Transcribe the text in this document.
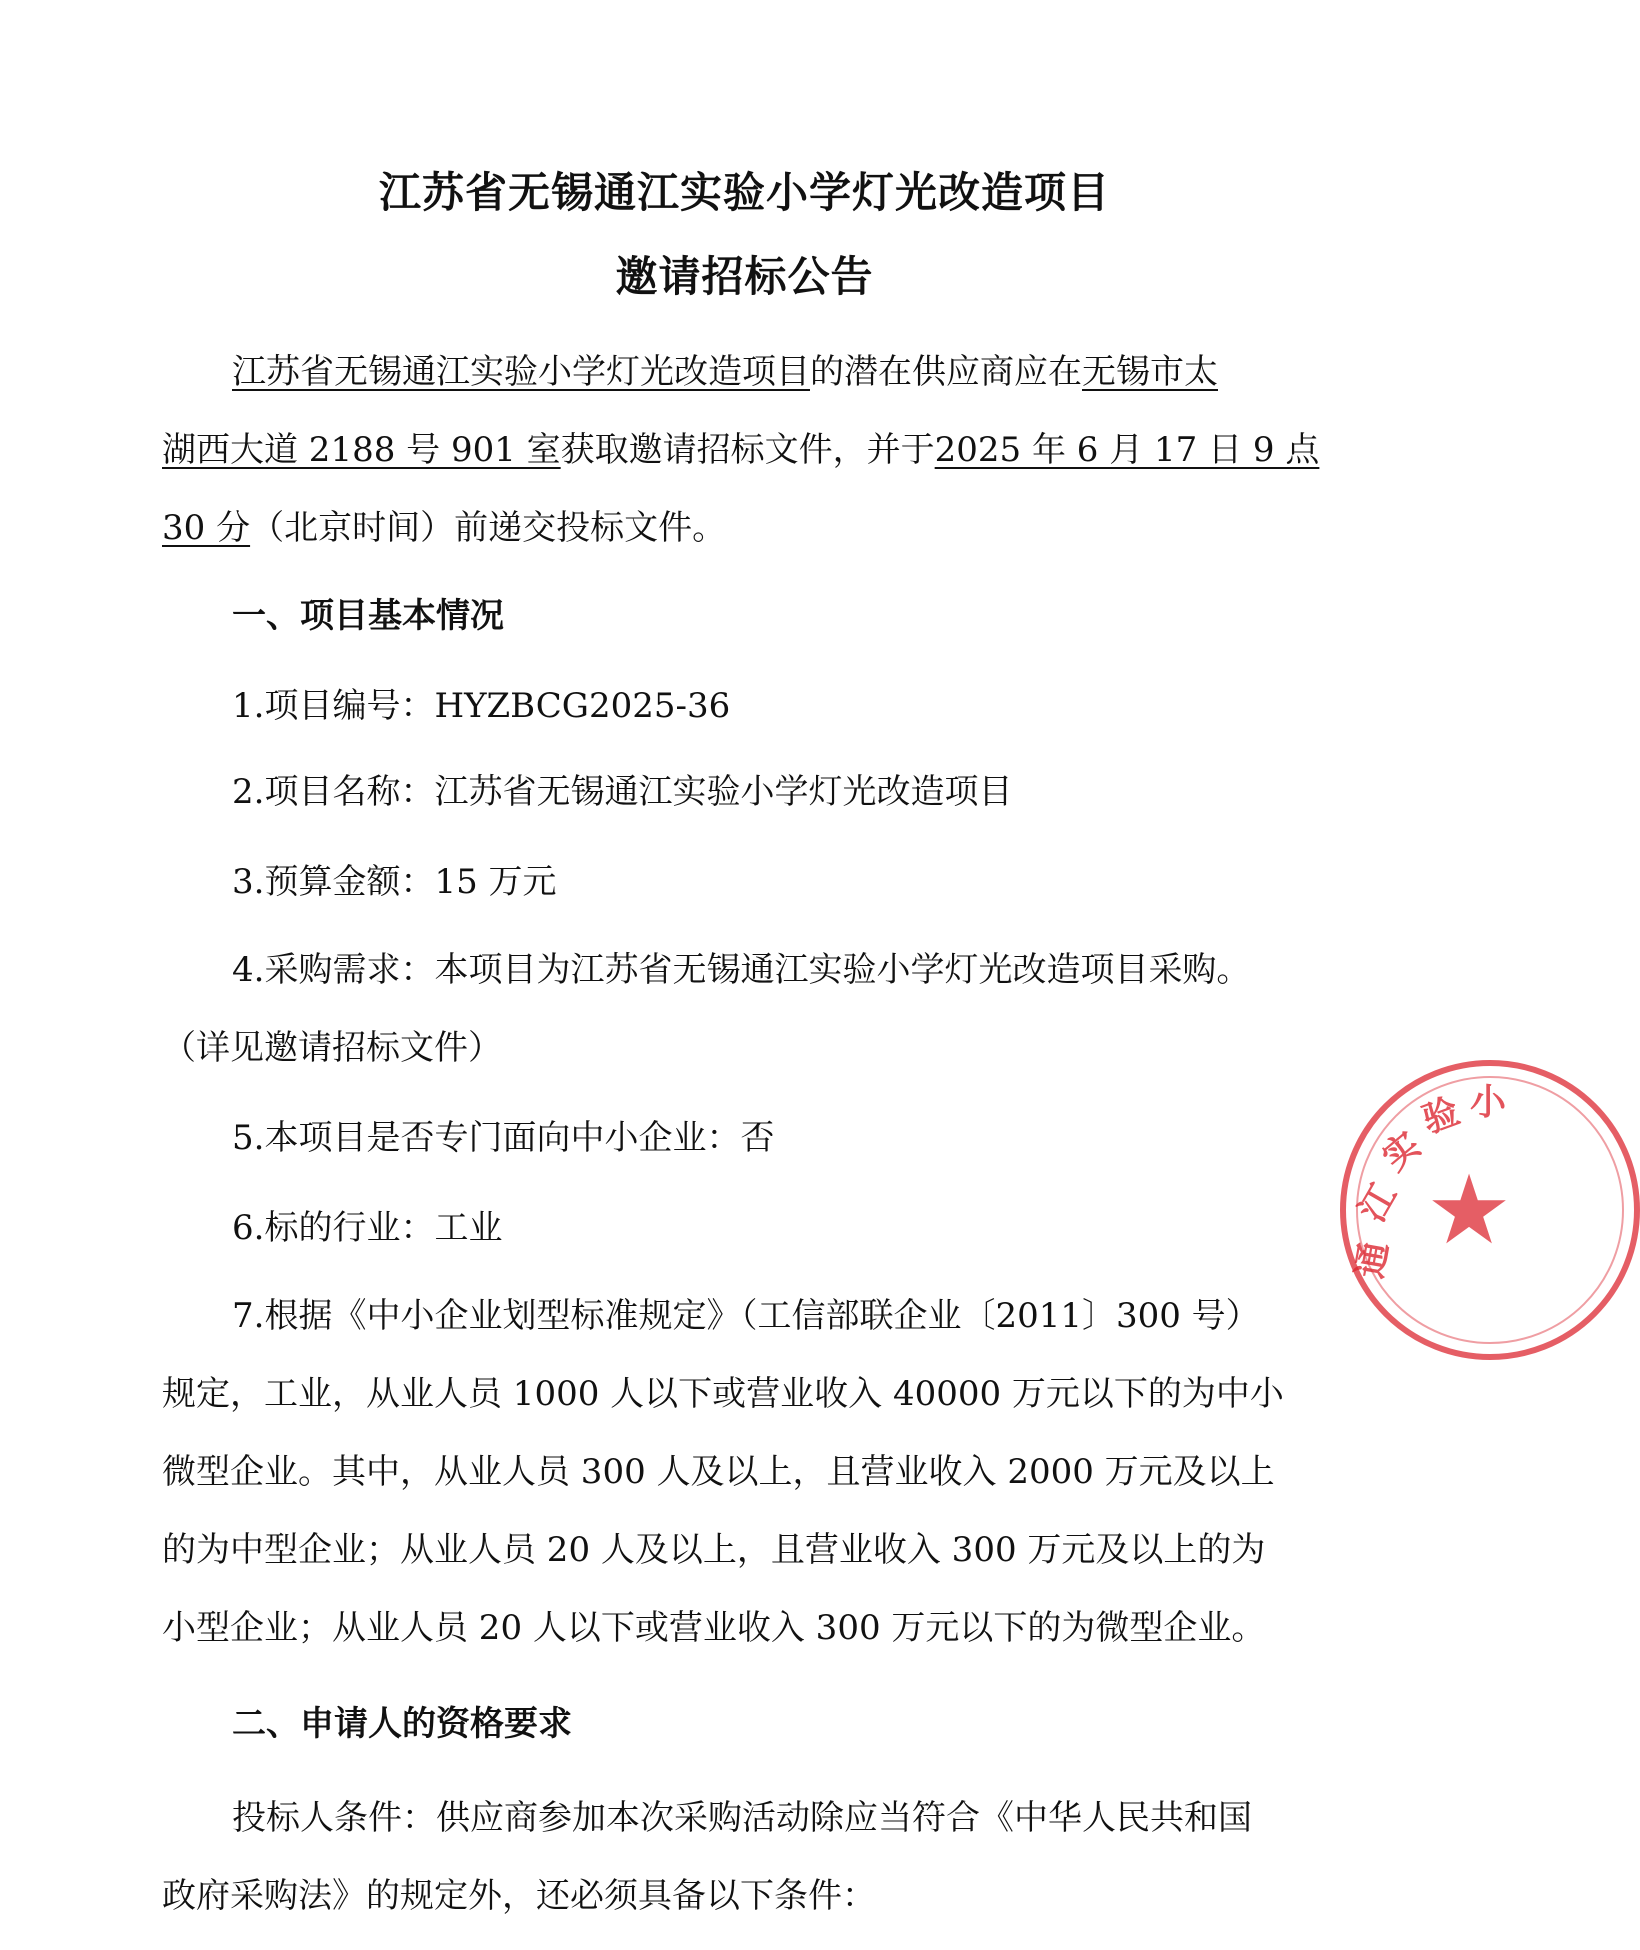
江苏省无锡通江实验小学灯光改造项目
邀请招标公告
江苏省无锡通江实验小学灯光改造项目的潜在供应商应在无锡市太
湖西大道 2188 号 901 室获取邀请招标文件，并于2025 年 6 月 17 日 9 点
30 分（北京时间）前递交投标文件。
一、项目基本情况
1.项目编号：HYZBCG2025-36
2.项目名称：江苏省无锡通江实验小学灯光改造项目
3.预算金额：15 万元
4.采购需求：本项目为江苏省无锡通江实验小学灯光改造项目采购。
（详见邀请招标文件）
5.本项目是否专门面向中小企业：否
6.标的行业：工业
7.根据《中小企业划型标准规定》（工信部联企业〔2011〕300 号）
规定，工业，从业人员 1000 人以下或营业收入 40000 万元以下的为中小
微型企业。其中，从业人员 300 人及以上，且营业收入 2000 万元及以上
的为中型企业；从业人员 20 人及以上，且营业收入 300 万元及以上的为
小型企业；从业人员 20 人以下或营业收入 300 万元以下的为微型企业。
二、申请人的资格要求
投标人条件：供应商参加本次采购活动除应当符合《中华人民共和国
政府采购法》的规定外，还必须具备以下条件：
★
通
江
实
验 小
